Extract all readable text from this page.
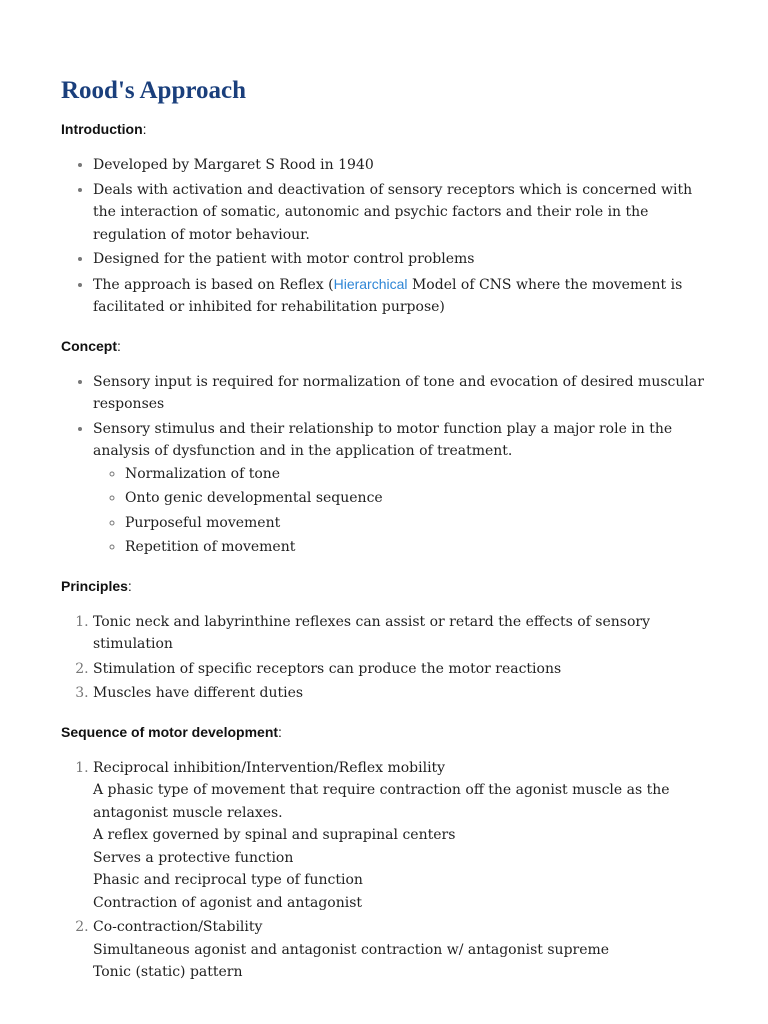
Rood's Approach
Introduction:
• Developed by Margaret S Rood in 1940
• Deals with activation and deactivation of sensory receptors which is concerned with the interaction of somatic, autonomic and psychic factors and their role in the regulation of motor behaviour.
• Designed for the patient with motor control problems
• The approach is based on Reflex (Hierarchical Model of CNS where the movement is facilitated or inhibited for rehabilitation purpose)
Concept:
• Sensory input is required for normalization of tone and evocation of desired muscular responses
• Sensory stimulus and their relationship to motor function play a major role in the analysis of dysfunction and in the application of treatment.
◦ Normalization of tone
◦ Onto genic developmental sequence
◦ Purposeful movement
◦ Repetition of movement
Principles:
1. Tonic neck and labyrinthine reflexes can assist or retard the effects of sensory stimulation
2. Stimulation of specific receptors can produce the motor reactions
3. Muscles have different duties
Sequence of motor development:
1. Reciprocal inhibition/Intervention/Reflex mobility
A phasic type of movement that require contraction off the agonist muscle as the antagonist muscle relaxes.
A reflex governed by spinal and suprapinal centers
Serves a protective function
Phasic and reciprocal type of function
Contraction of agonist and antagonist
2. Co-contraction/Stability
Simultaneous agonist and antagonist contraction w/ antagonist supreme
Tonic (static) pattern
